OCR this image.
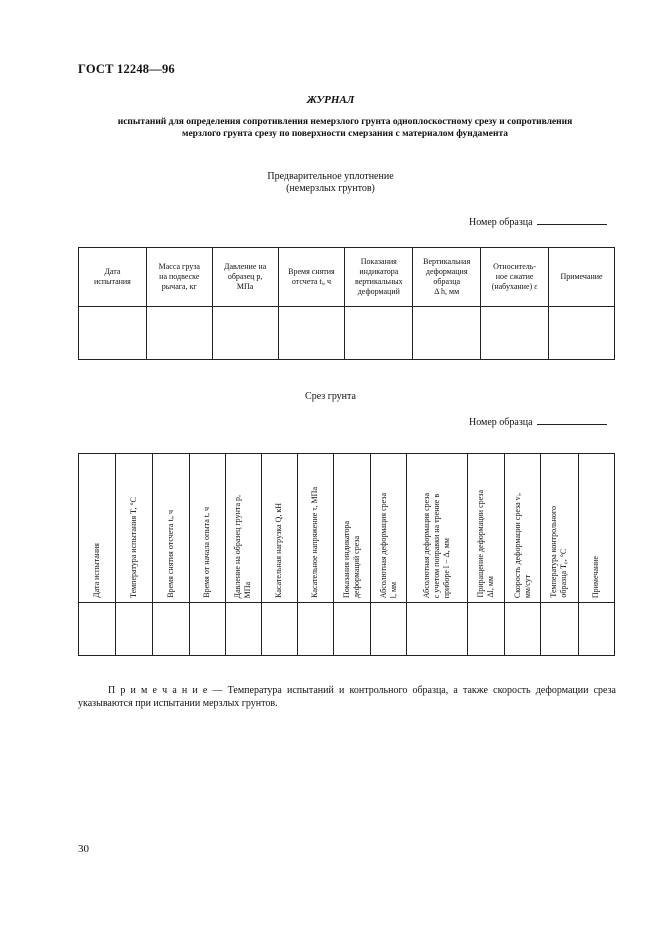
ГОСТ 12248—96
ЖУРНАЛ
испытаний для определения сопротивления немерзлого грунта одноплоскостному срезу и сопротивления
мерзлого грунта срезу по поверхности смерзания с материалом фундамента
Предварительное уплотнение
(немерзлых грунтов)
Номер образца
Дата
испытания	Масса груза
на подвеске
рычага, кг	Давление на
образец p,
МПа	Время снятия
отсчета tᵢ, ч	Показания
индикатора
вертикальных
деформаций	Вертикальная
деформация
образца
Δ h, мм	Относитель-
ное сжатие
(набухание) ε	Примечание

Срез грунта
Номер образца
Дата испытания	Температура испытания T, °С	Время снятия отсчета tᵢ, ч	Время от начала опыта t, ч	Давление на образец грунта p,
МПа	Касательная нагрузка Q, кН	Касательное напряжение τ, МПа	Показания индикатора
деформаций среза	Абсолютная деформация среза
l, мм	Абсолютная деформация среза
с учетом поправки на трение в
приборе l − Δ, мм	Приращение деформации среза
Δl, мм	Скорость деформации среза vᵢ,
мм/сут	Температура контрольного
образца T₀, °С	Примечание

П р и м е ч а н и е — Температура испытаний и контрольного образца, а также скорость деформации среза указываются при испытании мерзлых грунтов.
30
